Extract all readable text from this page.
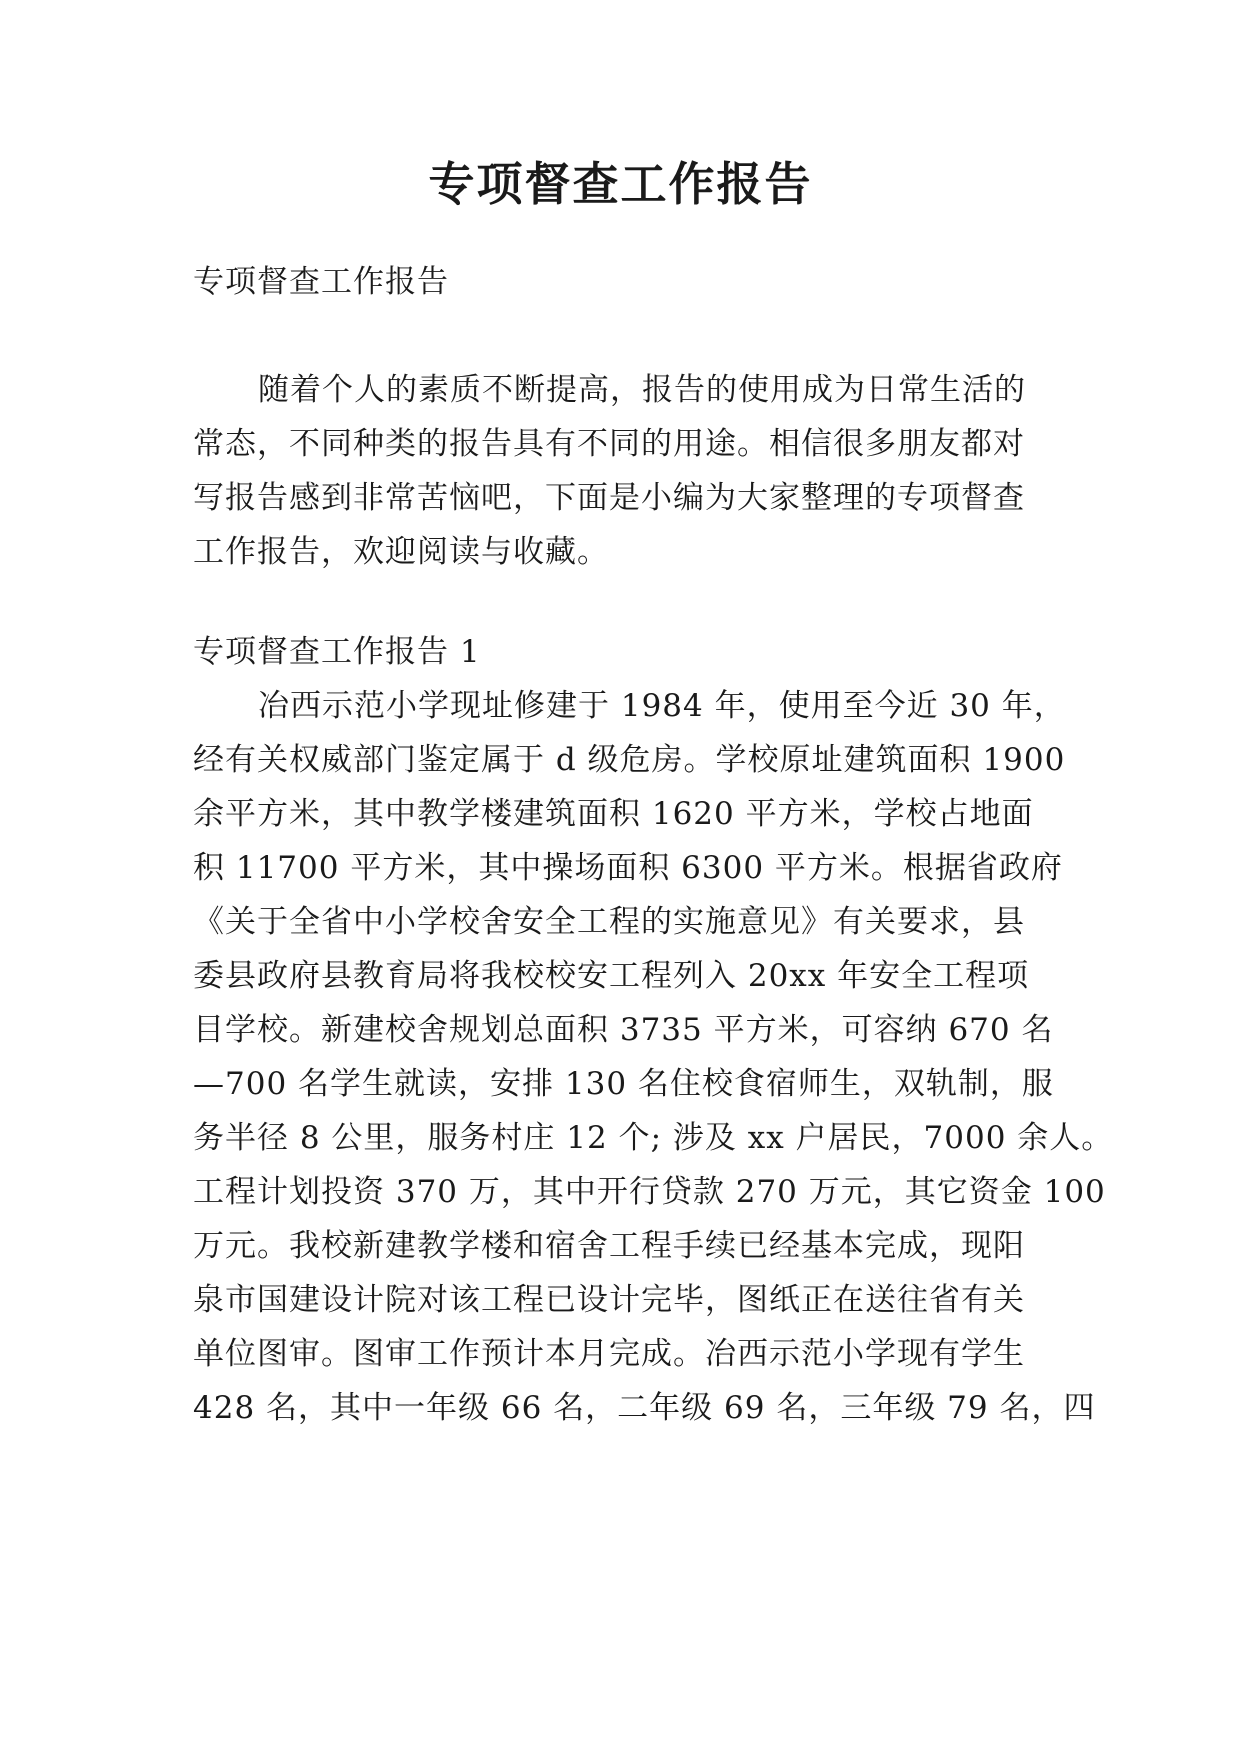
专项督查工作报告

专项督查工作报告

随着个人的素质不断提高，报告的使用成为日常生活的

常态，不同种类的报告具有不同的用途。相信很多朋友都对

写报告感到非常苦恼吧，下面是小编为大家整理的专项督查

工作报告，欢迎阅读与收藏。

专项督查工作报告 1

冶西示范小学现址修建于 1984 年，使用至今近 30 年，

经有关权威部门鉴定属于 d 级危房。学校原址建筑面积 1900

余平方米，其中教学楼建筑面积 1620 平方米，学校占地面

积 11700 平方米，其中操场面积 6300 平方米。根据省政府

《关于全省中小学校舍安全工程的实施意见》有关要求，县

委县政府县教育局将我校校安工程列入 20xx 年安全工程项

目学校。新建校舍规划总面积 3735 平方米，可容纳 670 名

—700 名学生就读，安排 130 名住校食宿师生，双轨制，服

务半径 8 公里，服务村庄 12 个; 涉及 xx 户居民，7000 余人。

工程计划投资 370 万，其中开行贷款 270 万元，其它资金 100

万元。我校新建教学楼和宿舍工程手续已经基本完成，现阳

泉市国建设计院对该工程已设计完毕，图纸正在送往省有关

单位图审。图审工作预计本月完成。冶西示范小学现有学生

428 名，其中一年级 66 名，二年级 69 名，三年级 79 名，四
